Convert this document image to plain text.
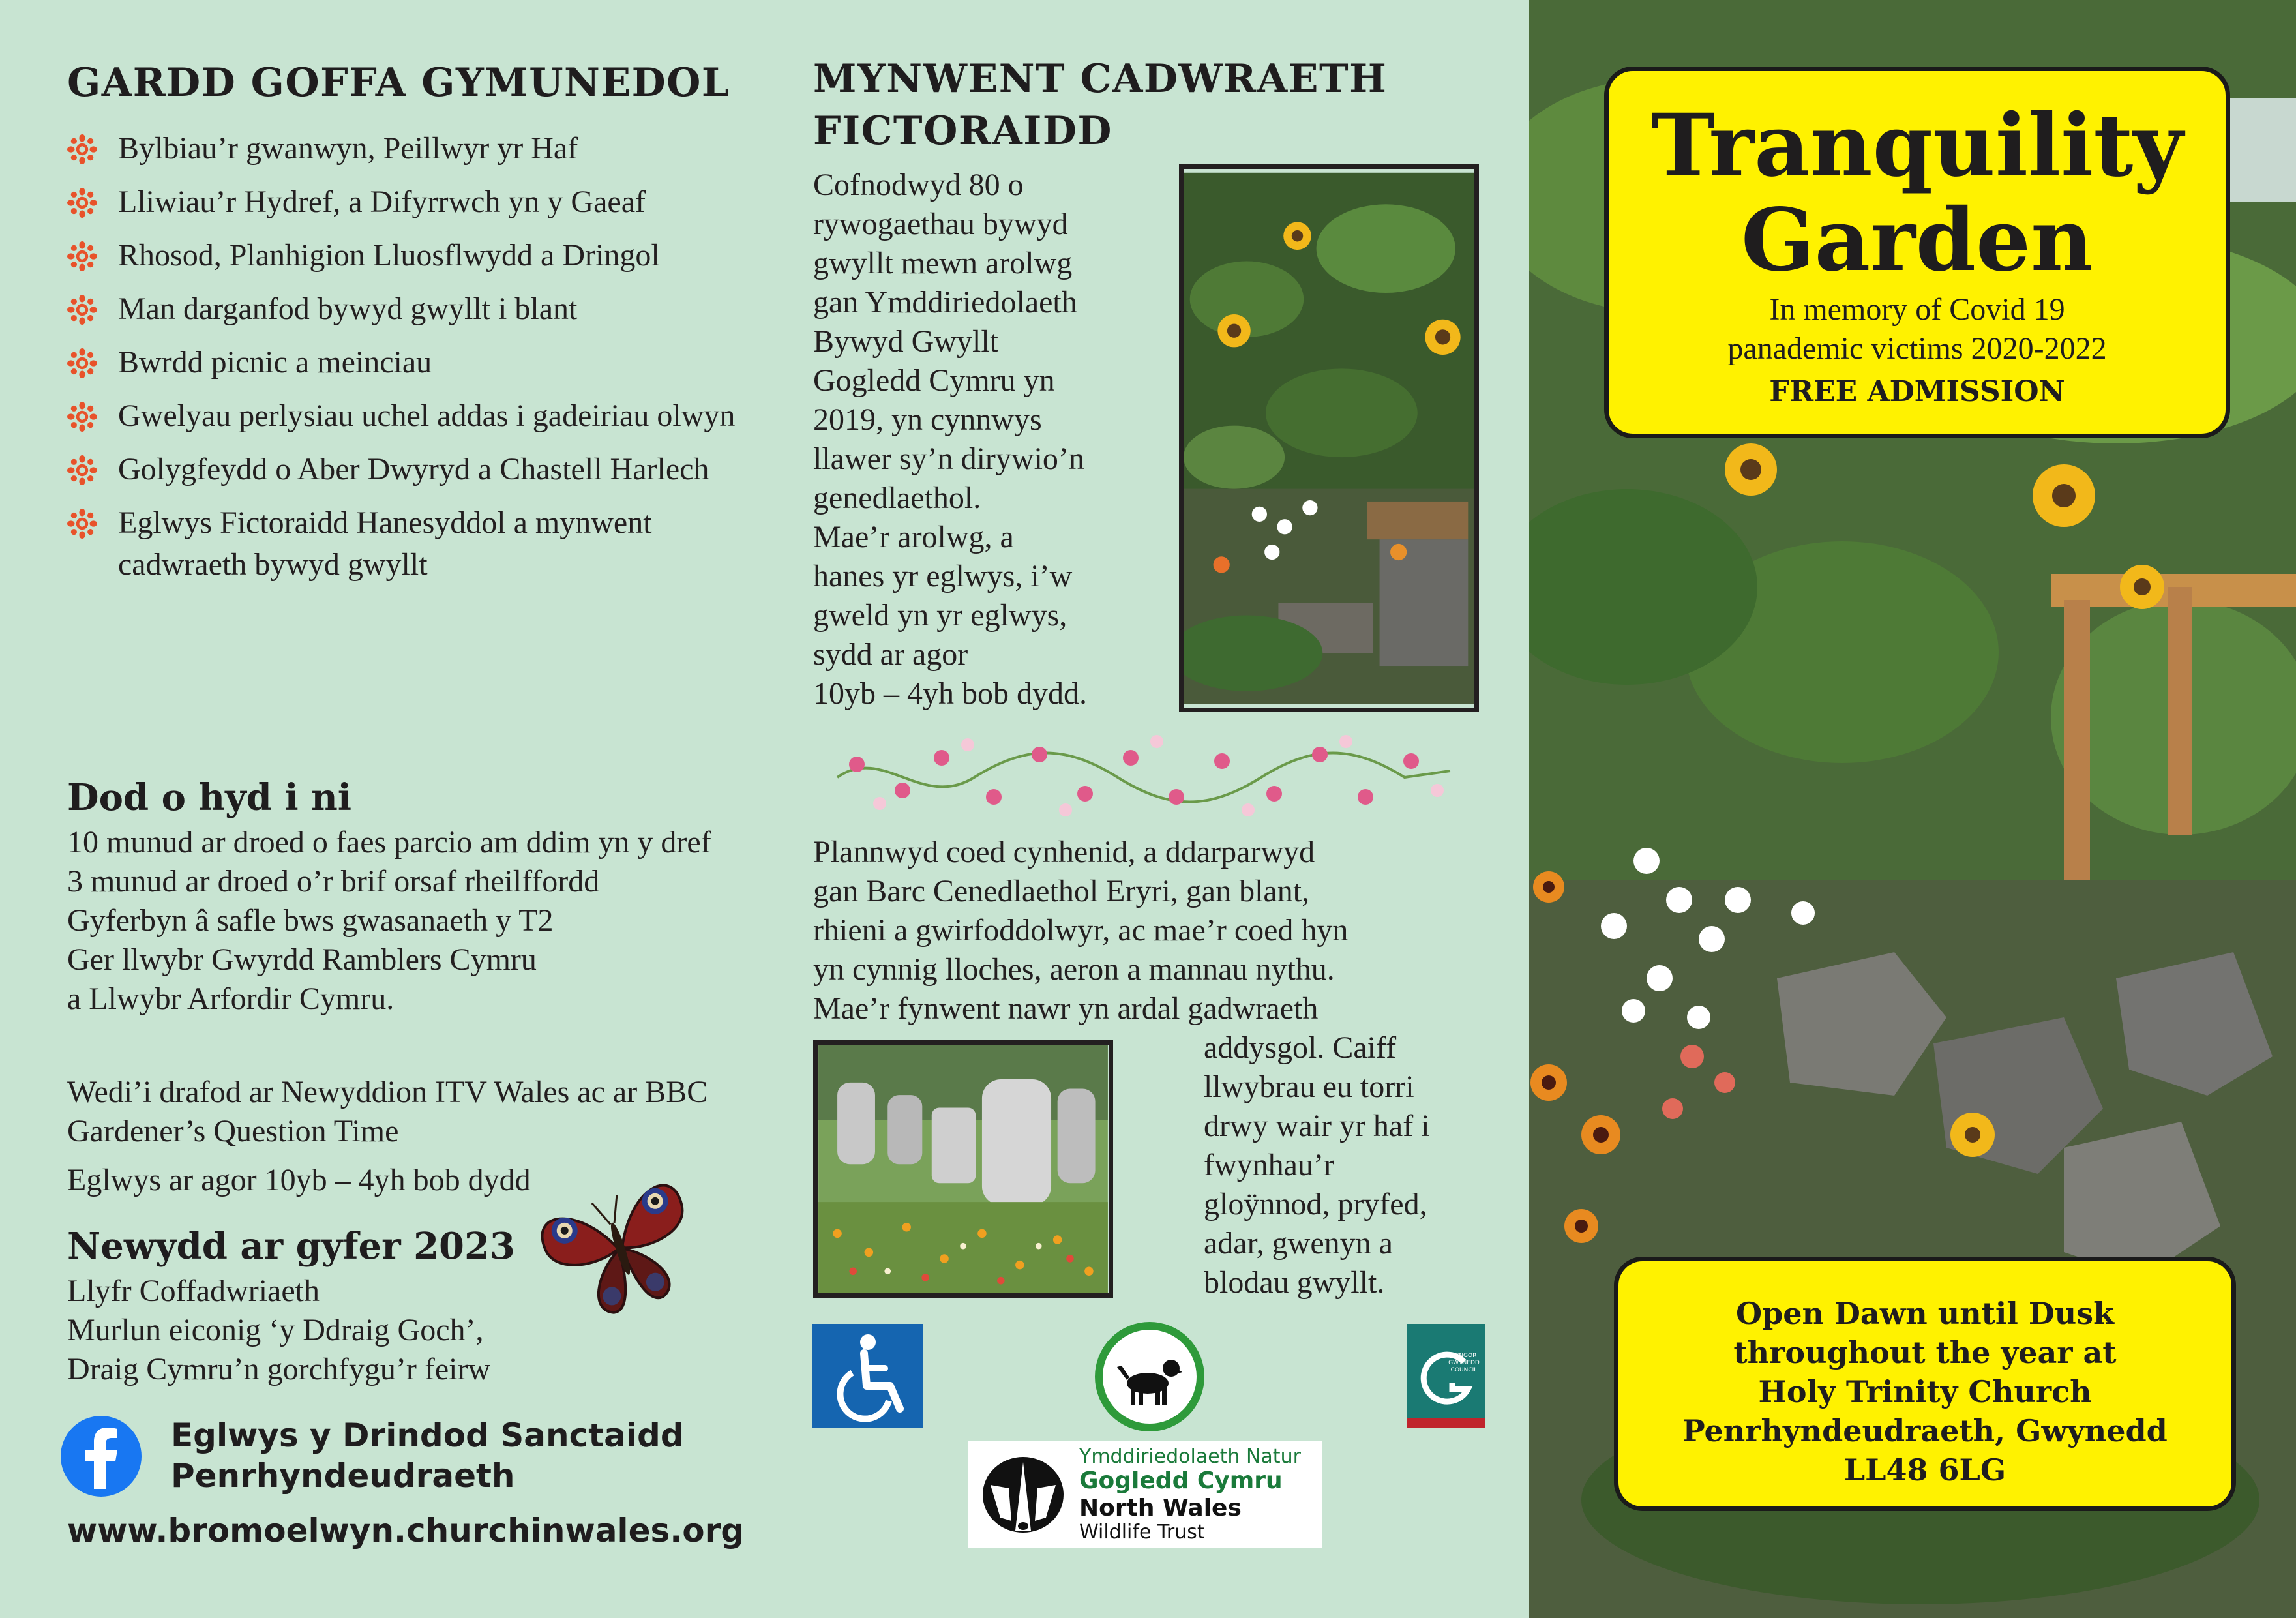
GARDD GOFFA GYMUNEDOL
Bylbiau’r gwanwyn, Peillwyr yr Haf
Lliwiau’r Hydref, a Difyrrwch yn y Gaeaf
Rhosod, Planhigion Lluosflwydd a Dringol
Man darganfod bywyd gwyllt i blant
Bwrdd picnic a meinciau
Gwelyau perlysiau uchel addas i gadeiriau olwyn
Golygfeydd o Aber Dwyryd a Chastell Harlech
Eglwys Fictoraidd Hanesyddol a mynwent cadwraeth bywyd gwyllt
Dod o hyd i ni
10 munud ar droed o faes parcio am ddim yn y dref
3 munud ar droed o’r brif orsaf rheilffordd
Gyferbyn â safle bws gwasanaeth y T2
Ger llwybr Gwyrdd Ramblers Cymru
a Llwybr Arfordir Cymru.
Wedi’i drafod ar Newyddion ITV Wales ac ar BBC Gardener’s Question Time
Eglwys ar agor 10yb – 4yh bob dydd
Newydd ar gyfer 2023
Llyfr Coffadwriaeth
Murlun eiconig ‘y Ddraig Goch’,
Draig Cymru’n gorchfygu’r feirw
Eglwys y Drindod Sanctaidd
Penrhyndeudraeth
www.bromoelwyn.churchinwales.org
MYNWENT CADWRAETH
FICTORAIDD
Cofnodwyd 80 o
rywogaethau bywyd
gwyllt mewn arolwg
gan Ymddiriedolaeth
Bywyd Gwyllt
Gogledd Cymru yn
2019, yn cynnwys
llawer sy’n dirywio’n
genedlaethol.
Mae’r arolwg, a
hanes yr eglwys, i’w
gweld yn yr eglwys,
sydd ar agor
10yb – 4yh bob dydd.
Plannwyd coed cynhenid, a ddarparwyd
gan Barc Cenedlaethol Eryri, gan blant,
rhieni a gwirfoddolwyr, ac mae’r coed hyn
yn cynnig lloches, aeron a mannau nythu.
Mae’r fynwent nawr yn ardal gadwraeth
addysgol. Caiff
llwybrau eu torri
drwy wair yr haf i
fwynhau’r
gloÿnnod, pryfed,
adar, gwenyn a
blodau gwyllt.
CYNGOR
GWYNEDD
COUNCIL
Ymddiriedolaeth Natur
Gogledd Cymru
North Wales
Wildlife Trust
Tranquility
Garden
In memory of Covid 19
panademic victims 2020-2022
FREE ADMISSION
Open Dawn until Dusk
throughout the year at
Holy Trinity Church
Penrhyndeudraeth, Gwynedd
LL48 6LG
